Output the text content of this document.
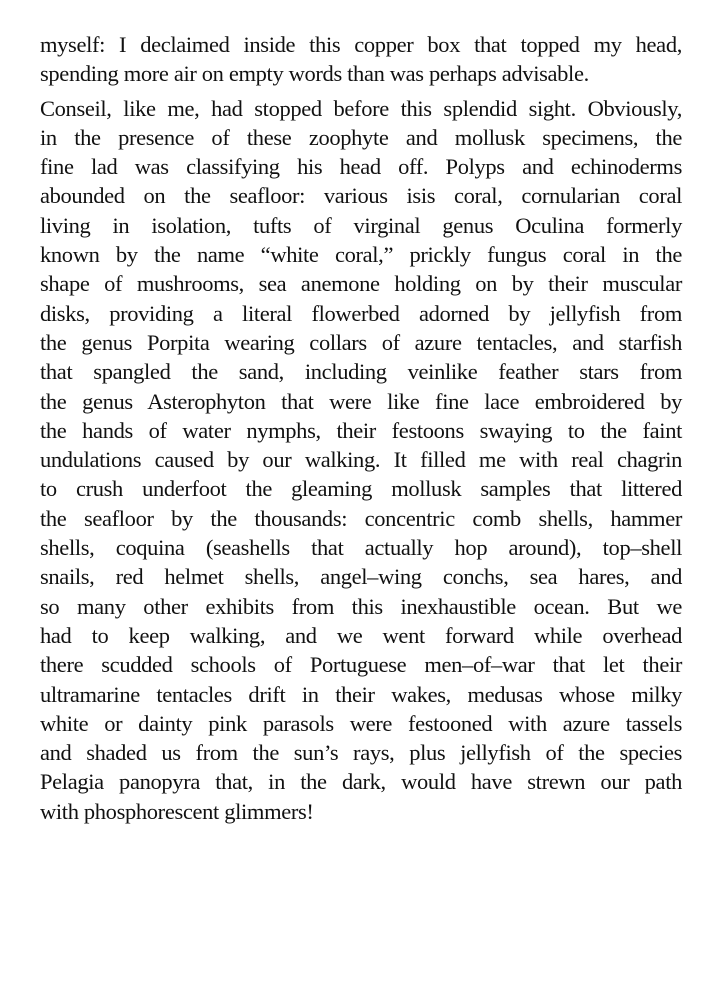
myself: I declaimed inside this copper box that topped my head,
spending more air on empty words than was perhaps advisable.

Conseil, like me, had stopped before this splendid sight. Obviously,
in the presence of these zoophyte and mollusk specimens, the
fine lad was classifying his head off. Polyps and echinoderms
abounded on the seafloor: various isis coral, cornularian coral
living in isolation, tufts of virginal genus Oculina formerly
known by the name “white coral,” prickly fungus coral in the
shape of mushrooms, sea anemone holding on by their muscular
disks, providing a literal flowerbed adorned by jellyfish from
the genus Porpita wearing collars of azure tentacles, and starfish
that spangled the sand, including veinlike feather stars from
the genus Asterophyton that were like fine lace embroidered by
the hands of water nymphs, their festoons swaying to the faint
undulations caused by our walking. It filled me with real chagrin
to crush underfoot the gleaming mollusk samples that littered
the seafloor by the thousands: concentric comb shells, hammer
shells, coquina (seashells that actually hop around), top–shell
snails, red helmet shells, angel–wing conchs, sea hares, and
so many other exhibits from this inexhaustible ocean. But we
had to keep walking, and we went forward while overhead
there scudded schools of Portuguese men–of–war that let their
ultramarine tentacles drift in their wakes, medusas whose milky
white or dainty pink parasols were festooned with azure tassels
and shaded us from the sun’s rays, plus jellyfish of the species
Pelagia panopyra that, in the dark, would have strewn our path
with phosphorescent glimmers!
